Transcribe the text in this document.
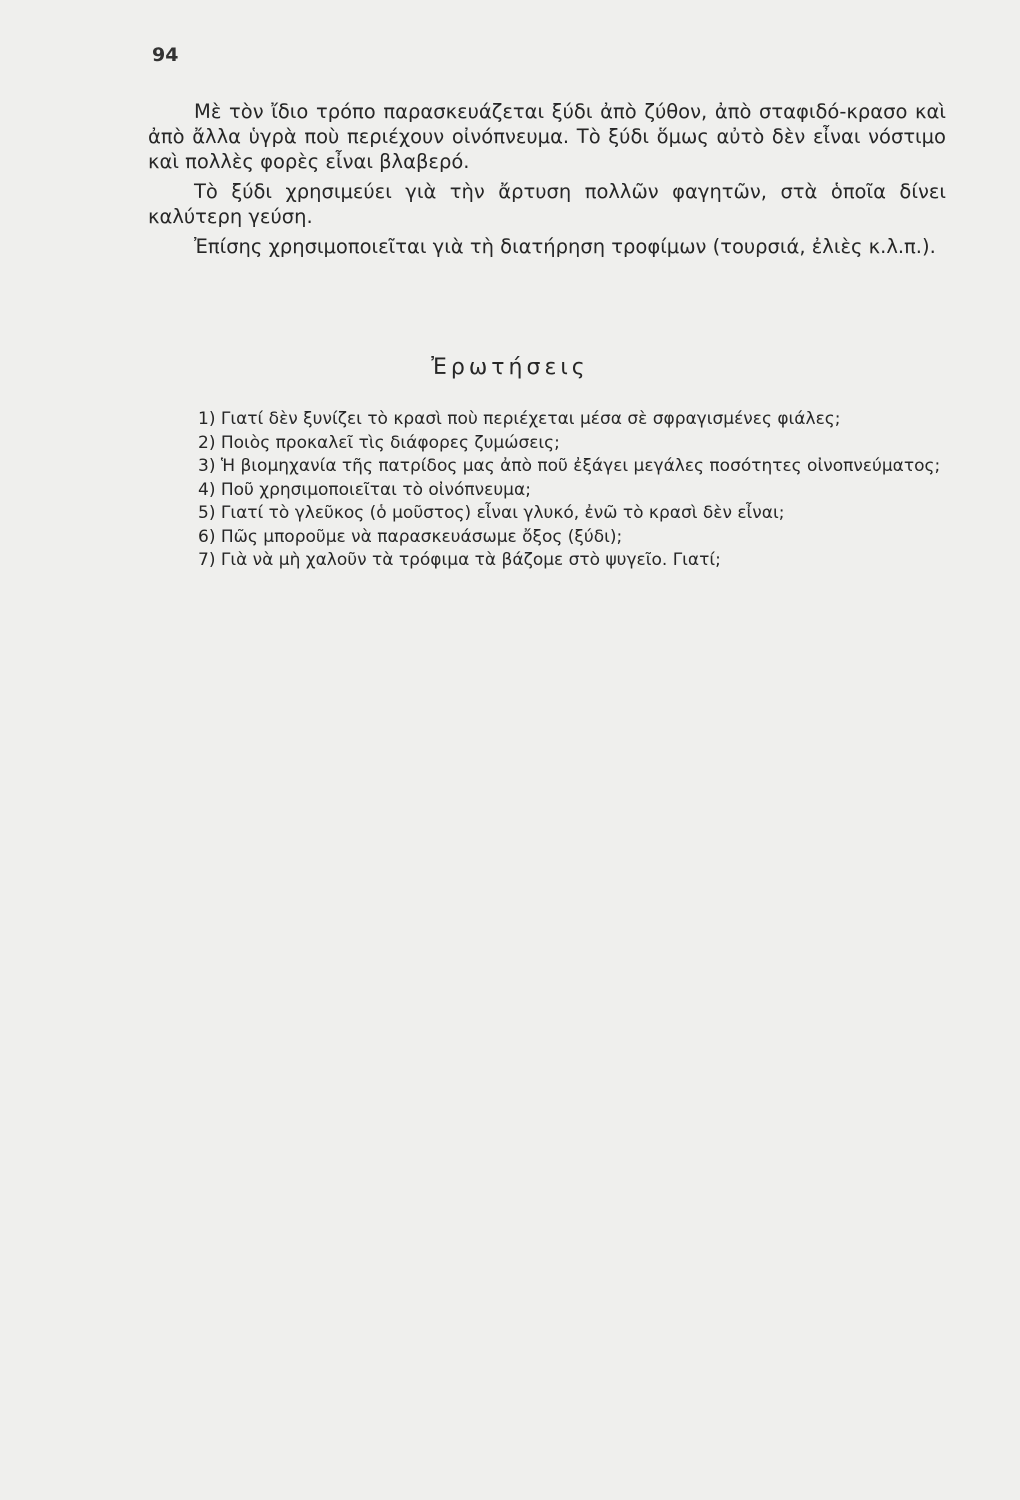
94

Μὲ τὸν ἴδιο τρόπο παρασκευάζεται ξύδι ἀπὸ ζύθον, ἀπὸ σταφιδό-κρασο καὶ ἀπὸ ἄλλα ὑγρὰ ποὺ περιέχουν οἰνόπνευμα. Τὸ ξύδι ὅμως αὐτὸ δὲν εἶναι νόστιμο καὶ πολλὲς φορὲς εἶναι βλαβερό.

Τὸ ξύδι χρησιμεύει γιὰ τὴν ἄρτυση πολλῶν φαγητῶν, στὰ ὁποῖα δίνει καλύτερη γεύση.

Ἐπίσης χρησιμοποιεῖται γιὰ τὴ διατήρηση τροφίμων (τουρσιά, ἐλιὲς κ.λ.π.).

Ἐρωτήσεις

1) Γιατί δὲν ξυνίζει τὸ κρασὶ ποὺ περιέχεται μέσα σὲ σφραγισμένες φιάλες;

2) Ποιὸς προκαλεῖ τὶς διάφορες ζυμώσεις;

3) Ἡ βιομηχανία τῆς πατρίδος μας ἀπὸ ποῦ ἐξάγει μεγάλες ποσότητες οἰνοπνεύματος;

4) Ποῦ χρησιμοποιεῖται τὸ οἰνόπνευμα;

5) Γιατί τὸ γλεῦκος (ὁ μοῦστος) εἶναι γλυκό, ἐνῶ τὸ κρασὶ δὲν εἶναι;

6) Πῶς μποροῦμε νὰ παρασκευάσωμε ὄξος (ξύδι);

7) Γιὰ νὰ μὴ χαλοῦν τὰ τρόφιμα τὰ βάζομε στὸ ψυγεῖο. Γιατί;
